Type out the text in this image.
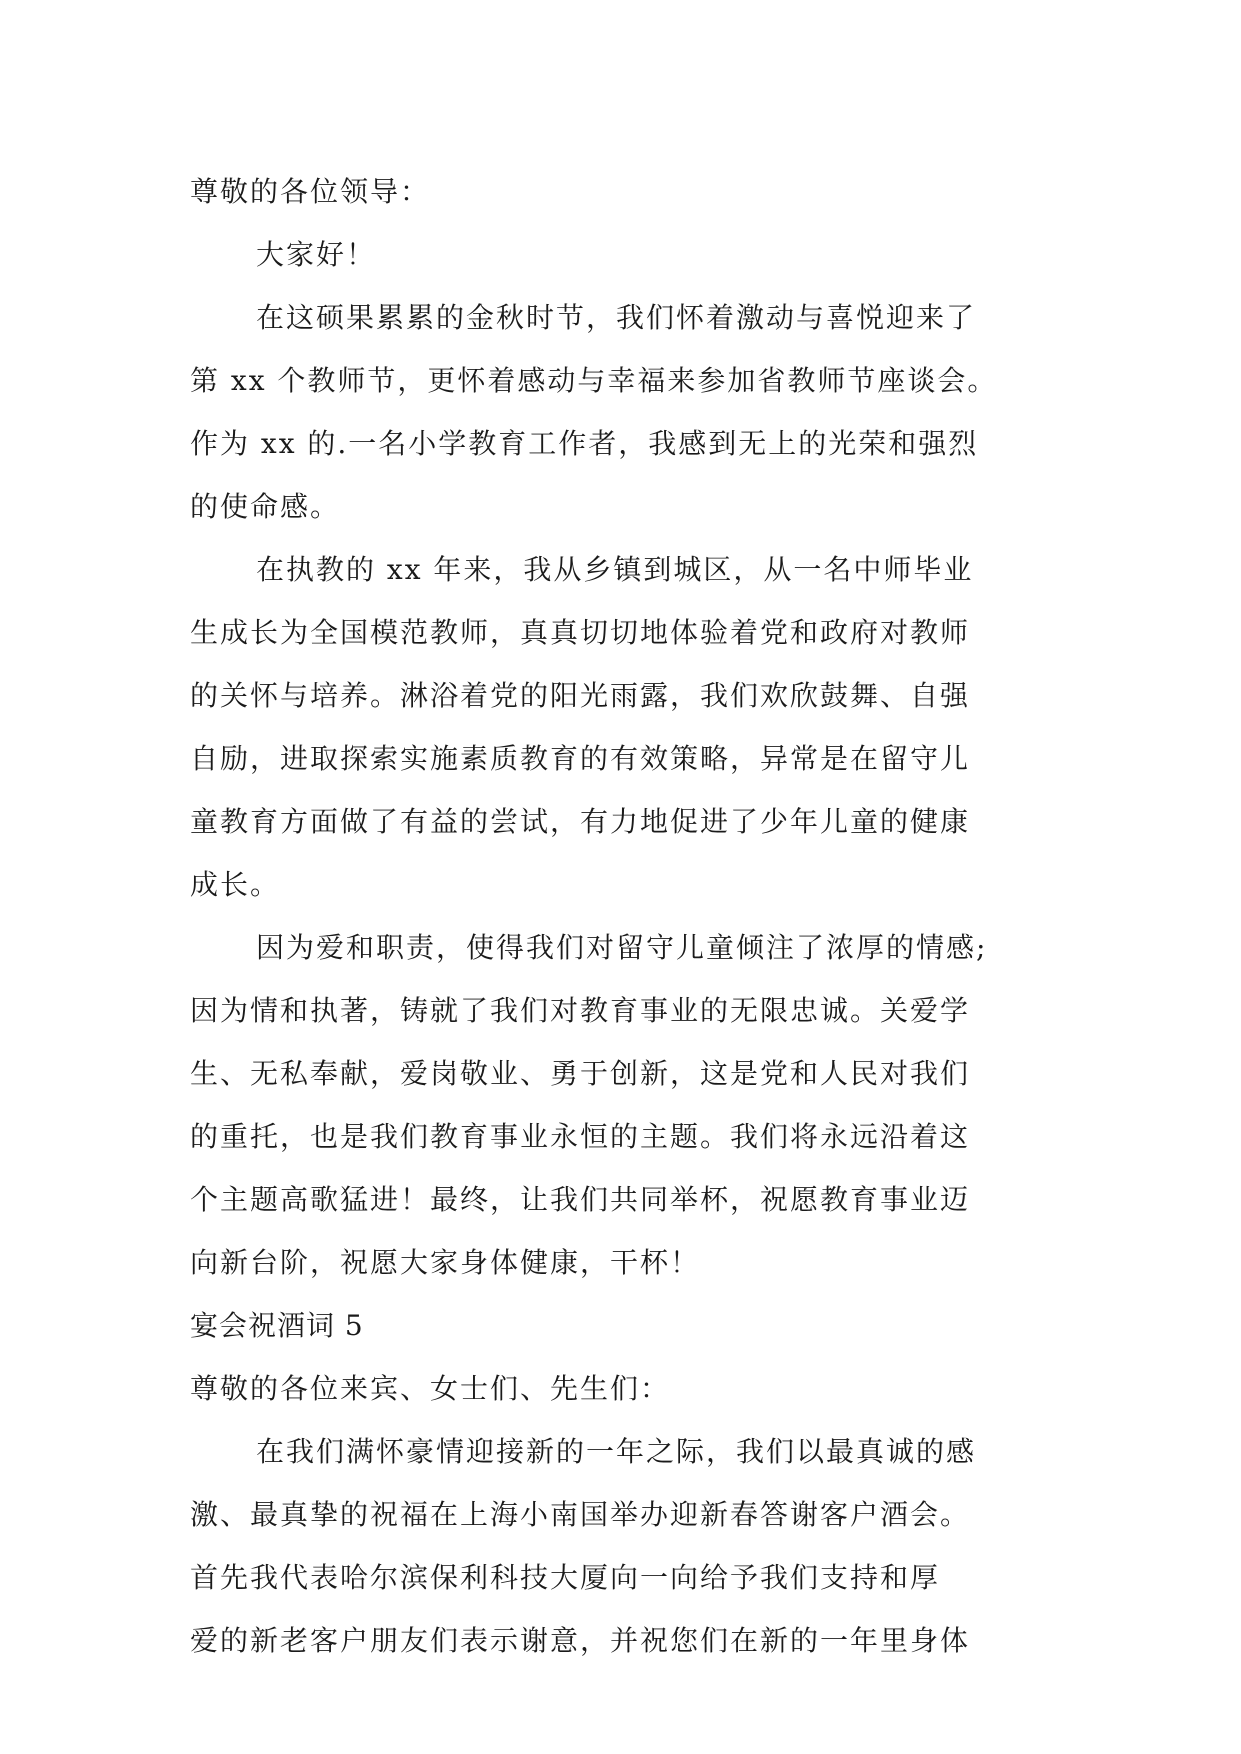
尊敬的各位领导：
大家好！
在这硕果累累的金秋时节，我们怀着激动与喜悦迎来了
第 xx 个教师节，更怀着感动与幸福来参加省教师节座谈会。
作为 xx 的.一名小学教育工作者，我感到无上的光荣和强烈
的使命感。
在执教的 xx 年来，我从乡镇到城区，从一名中师毕业
生成长为全国模范教师，真真切切地体验着党和政府对教师
的关怀与培养。淋浴着党的阳光雨露，我们欢欣鼓舞、自强
自励，进取探索实施素质教育的有效策略，异常是在留守儿
童教育方面做了有益的尝试，有力地促进了少年儿童的健康
成长。
因为爱和职责，使得我们对留守儿童倾注了浓厚的情感;
因为情和执著，铸就了我们对教育事业的无限忠诚。关爱学
生、无私奉献，爱岗敬业、勇于创新，这是党和人民对我们
的重托，也是我们教育事业永恒的主题。我们将永远沿着这
个主题高歌猛进！最终，让我们共同举杯，祝愿教育事业迈
向新台阶，祝愿大家身体健康，干杯！
宴会祝酒词 5
尊敬的各位来宾、女士们、先生们：
在我们满怀豪情迎接新的一年之际，我们以最真诚的感
激、最真挚的祝福在上海小南国举办迎新春答谢客户酒会。
首先我代表哈尔滨保利科技大厦向一向给予我们支持和厚
爱的新老客户朋友们表示谢意，并祝您们在新的一年里身体
